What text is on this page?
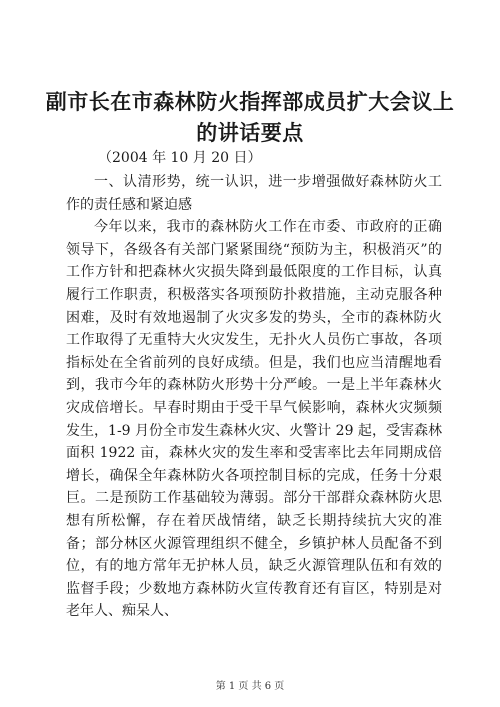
副市长在市森林防火指挥部成员扩大会议上的讲话要点
（2004 年 10 月 20 日）

一、认清形势，统一认识，进一步增强做好森林防火工作的责任感和紧迫感

今年以来，我市的森林防火工作在市委、市政府的正确领导下，各级各有关部门紧紧围绕“预防为主，积极消灭”的工作方针和把森林火灾损失降到最低限度的工作目标，认真履行工作职责，积极落实各项预防扑救措施，主动克服各种困难，及时有效地遏制了火灾多发的势头，全市的森林防火工作取得了无重特大火灾发生，无扑火人员伤亡事故，各项指标处在全省前列的良好成绩。但是，我们也应当清醒地看到，我市今年的森林防火形势十分严峻。一是上半年森林火灾成倍增长。早春时期由于受干旱气候影响，森林火灾频频发生，1-9 月份全市发生森林火灾、火警计 29 起，受害森林面积 1922 亩，森林火灾的发生率和受害率比去年同期成倍增长，确保全年森林防火各项控制目标的完成，任务十分艰巨。二是预防工作基础较为薄弱。部分干部群众森林防火思想有所松懈，存在着厌战情绪，缺乏长期持续抗大灾的准备；部分林区火源管理组织不健全，乡镇护林人员配备不到位，有的地方常年无护林人员，缺乏火源管理队伍和有效的监督手段；少数地方森林防火宣传教育还有盲区，特别是对老年人、痴呆人、

第 1 页 共 6 页
